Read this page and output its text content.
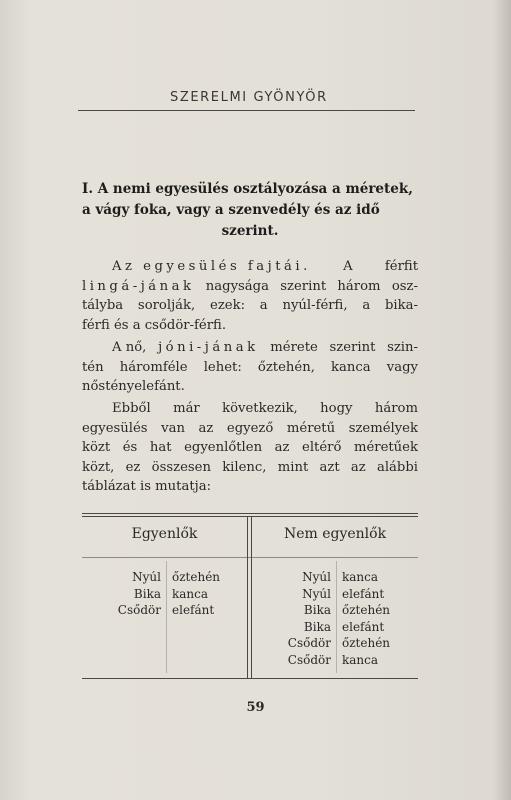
SZERELMI GYÖNYÖR
I. A nemi egyesülés osztályozása a méretek,
a vágy foka, vagy a szenvedély és az idő
szerint.
Az egyesülés fajtái. A férfit
lingá-jának nagysága szerint három osz-
tályba sorolják, ezek: a nyúl-férfi, a bika-
férfi és a csődör-férfi.
A nő, jóni-jának mérete szerint szin-
tén háromféle lehet: őztehén, kanca vagy
nőstényelefánt.
Ebből már következik, hogy három
egyesülés van az egyező méretű személyek
közt és hat egyenlőtlen az eltérő méretűek
közt, ez összesen kilenc, mint azt az alábbi
táblázat is mutatja:
Egyenlők	Nem egyenlők
Nyúl
Bika
Csődör
őztehén
kanca
elefánt
Nyúl
Nyúl
Bika
Bika
Csődör
Csődör
kanca
elefánt
őztehén
elefánt
őztehén
kanca
59
